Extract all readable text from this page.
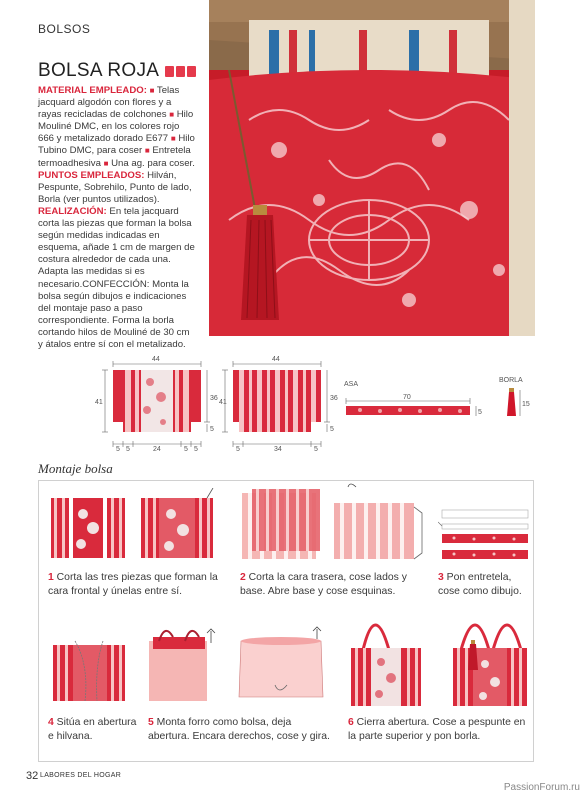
BOLSOS
BOLSA ROJA
MATERIAL EMPLEADO: ■ Telas jacquard algodón con flores y a rayas recicladas de colchones ■ Hilo Mouliné DMC, en los colores rojo 666 y metalizado dorado E677 ■ Hilo Tubino DMC, para coser ■ Entretela termoadhesiva ■ Una ag. para coser.
PUNTOS EMPLEADOS: Hilván, Pespunte, Sobrehilo, Punto de lado, Borla (ver puntos utilizados).
REALIZACIÓN: En tela jacquard corta las piezas que forman la bolsa según medidas indicadas en esquema, añade 1 cm de margen de costura alrededor de cada una. Adapta las medidas si es necesario.CONFECCIÓN: Monta la bolsa según dibujos e indicaciones del montaje paso a paso correspondiente. Forma la borla cortando hilos de Mouliné de 30 cm y átalos entre sí con el metalizado.
44
41
36
5
5 5	24	5 5
44
41
36
5
5	34	5
ASA
70
5
BORLA
15
Montaje bolsa
1 Corta las tres piezas que forman la cara frontal y únelas entre sí.
2 Corta la cara trasera, cose lados y base. Abre base y cose esquinas.
3 Pon entretela, cose como dibujo.
4 Sitúa en abertura e hilvana.
5 Monta forro como bolsa, deja abertura. Encara derechos, cose y gira.
6 Cierra abertura. Cose a pespunte en la parte superior y pon borla.
32 LABORES DEL HOGAR
PassionForum.ru
